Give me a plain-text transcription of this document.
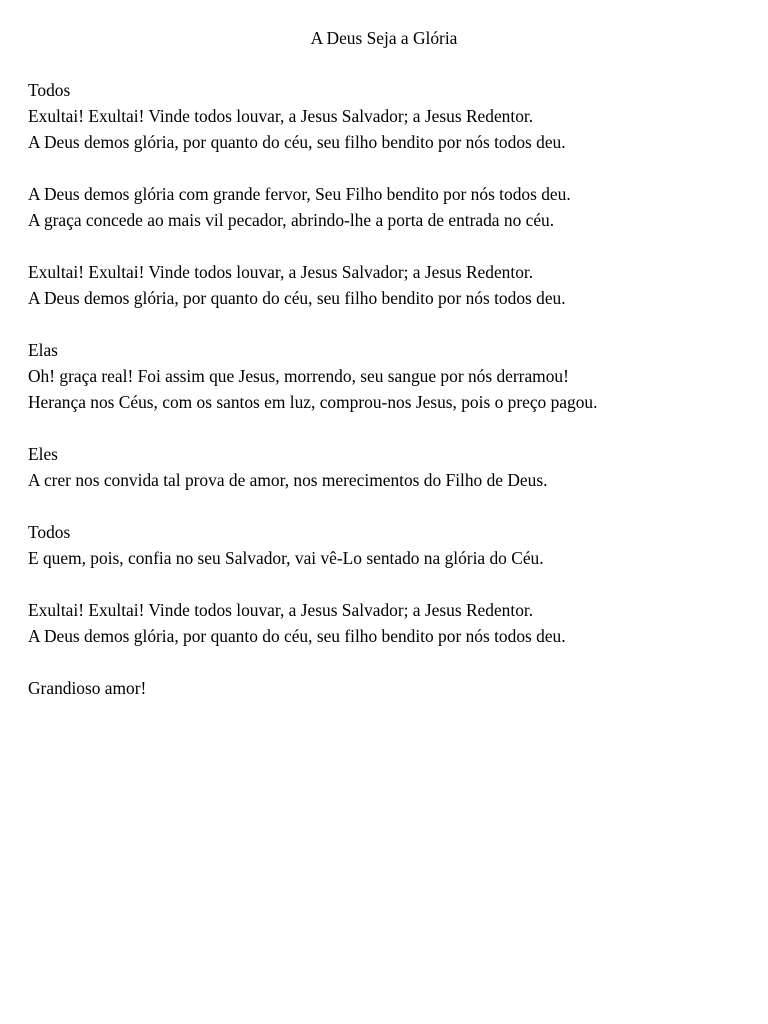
A Deus Seja a Glória
Todos
Exultai! Exultai! Vinde todos louvar, a Jesus Salvador; a Jesus Redentor.
A Deus demos glória, por quanto do céu, seu filho bendito por nós todos deu.
A Deus demos glória com grande fervor, Seu Filho bendito por nós todos deu.
A graça concede ao mais vil pecador, abrindo-lhe a porta de entrada no céu.
Exultai! Exultai! Vinde todos louvar, a Jesus Salvador; a Jesus Redentor.
A Deus demos glória, por quanto do céu, seu filho bendito por nós todos deu.
Elas
Oh! graça real! Foi assim que Jesus, morrendo, seu sangue por nós derramou!
Herança nos Céus, com os santos em luz, comprou-nos Jesus, pois o preço pagou.
Eles
A crer nos convida tal prova de amor, nos merecimentos do Filho de Deus.
Todos
E quem, pois, confia no seu Salvador, vai vê-Lo sentado na glória do Céu.
Exultai! Exultai! Vinde todos louvar, a Jesus Salvador; a Jesus Redentor.
A Deus demos glória, por quanto do céu, seu filho bendito por nós todos deu.
Grandioso amor!
